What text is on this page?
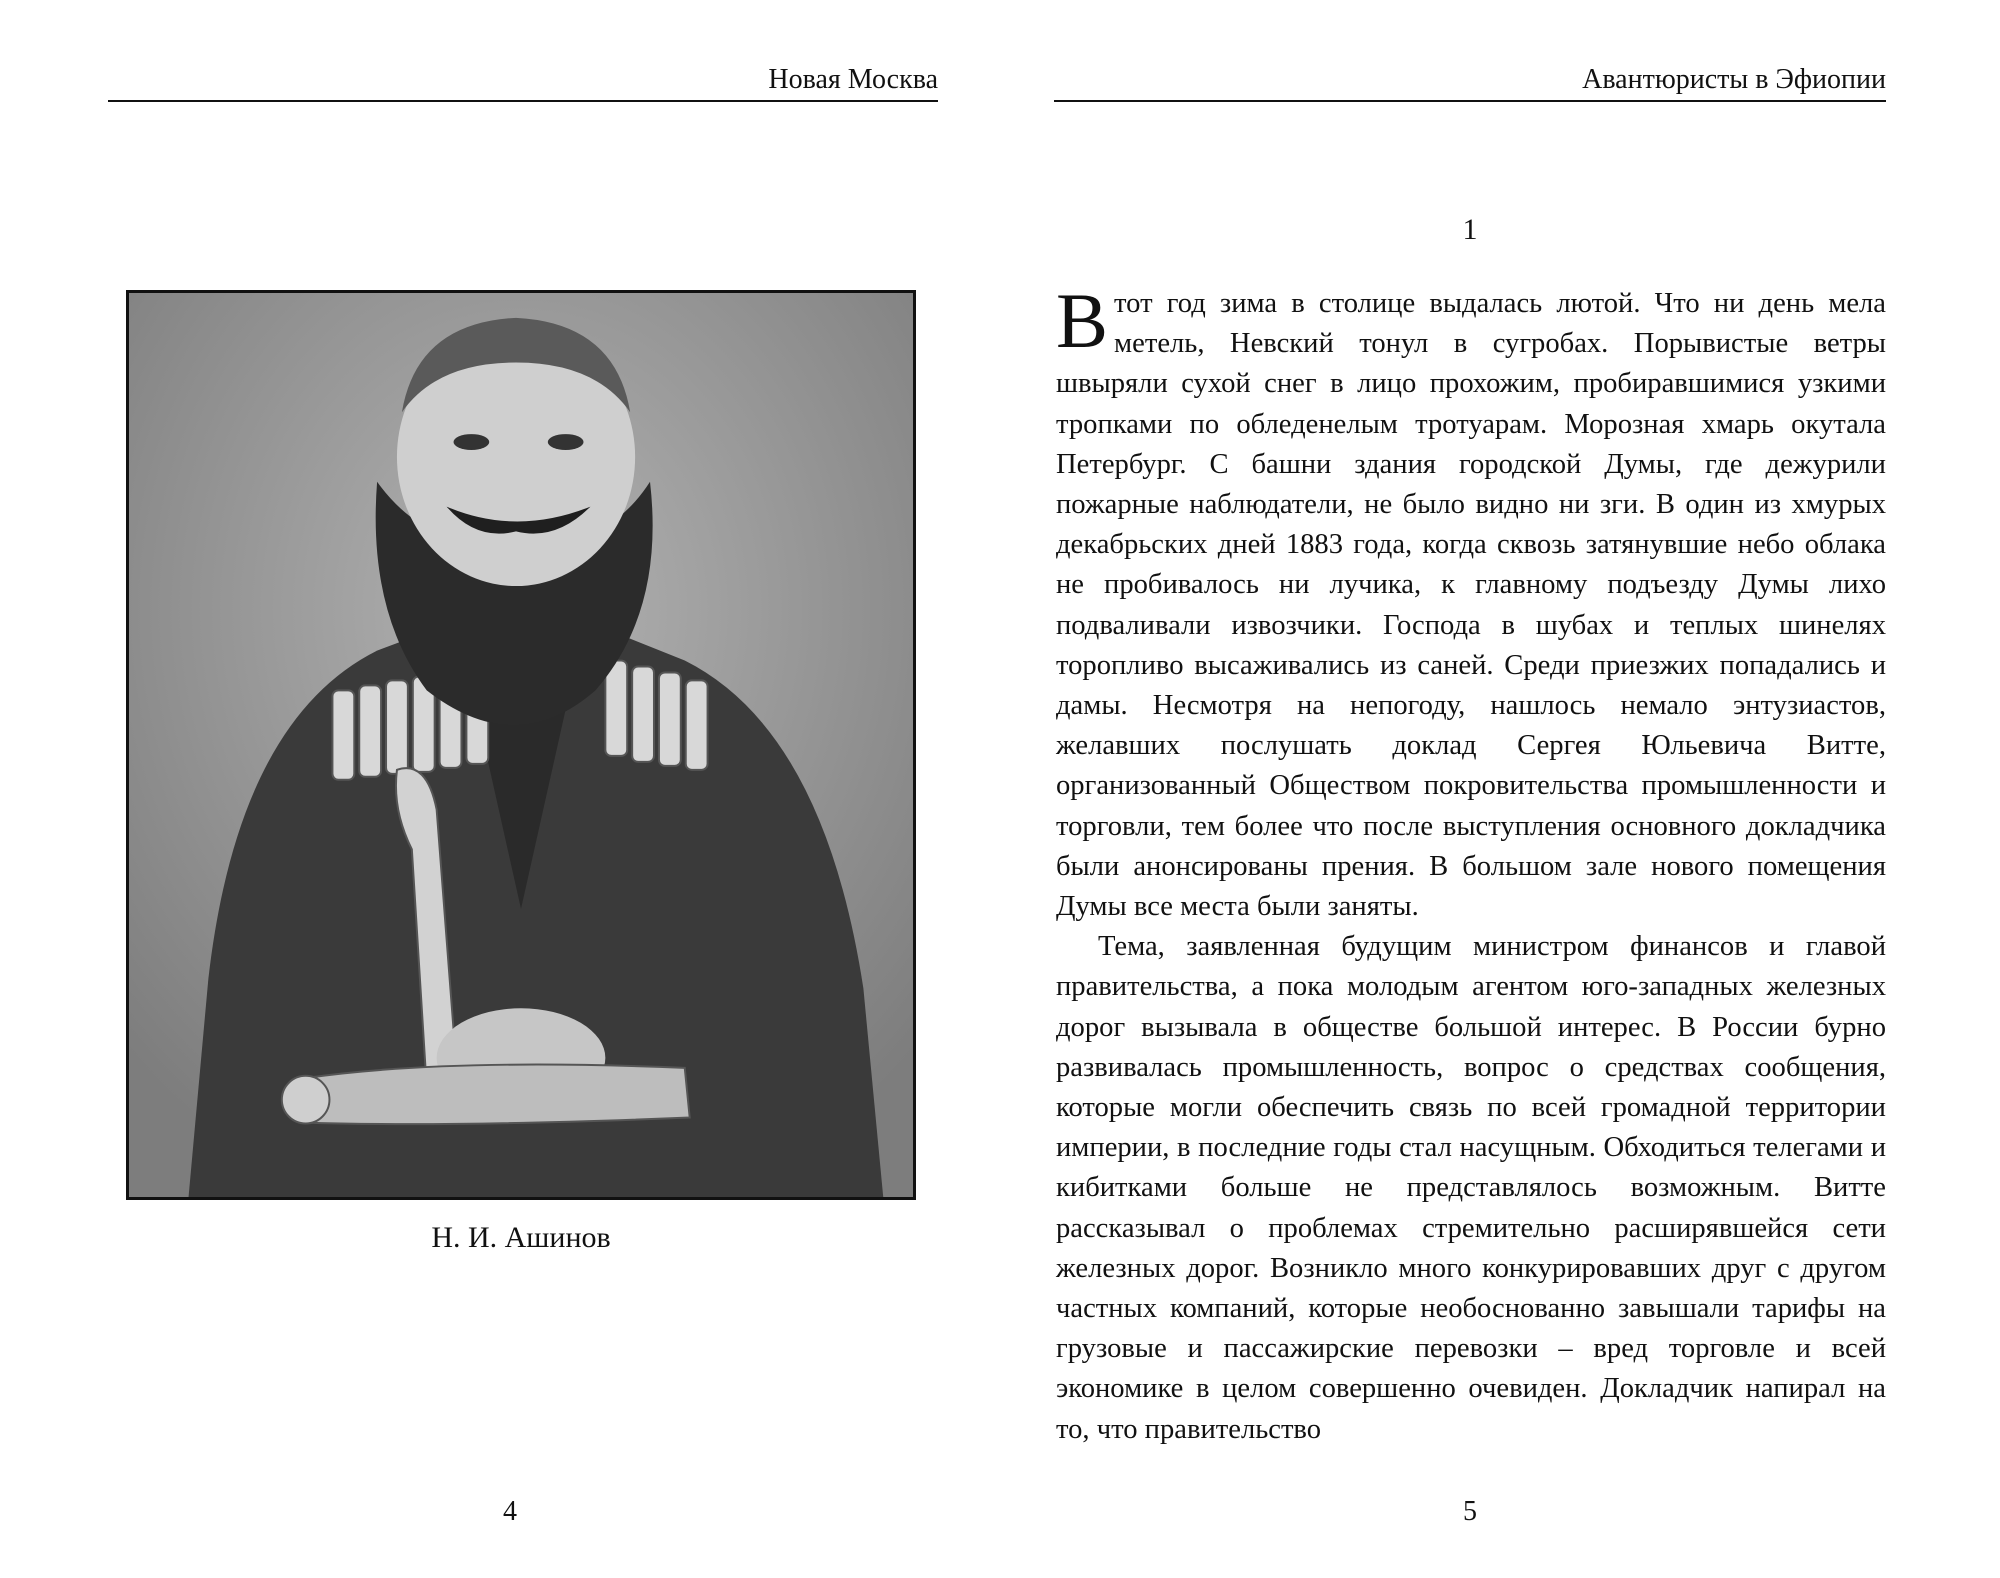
Новая Москва
Н. И. Ашинов
4
Авантюристы в Эфиопии
1

В тот год зима в столице выдалась лютой. Что ни день мела метель, Невский тонул в сугробах. Порывистые ветры швыряли сухой снег в лицо прохожим, пробиравшимися узкими тропками по обледенелым тротуарам. Морозная хмарь окутала Петербург. С башни здания городской Думы, где дежурили пожарные наблюдатели, не было видно ни зги. В один из хмурых декабрьских дней 1883 года, когда сквозь затянувшие небо облака не пробивалось ни лучика, к главному подъезду Думы лихо подваливали извозчики. Господа в шубах и теплых шинелях торопливо высаживались из саней. Среди приезжих попадались и дамы. Несмотря на непогоду, нашлось немало энтузиастов, желавших послушать доклад Сергея Юльевича Витте, организованный Обществом покровительства промышленности и торговли, тем более что после выступления основного докладчика были анонсированы прения. В большом зале нового помещения Думы все места были заняты.

Тема, заявленная будущим министром финансов и главой правительства, а пока молодым агентом юго-западных железных дорог вызывала в обществе большой интерес. В России бурно развивалась промышленность, вопрос о средствах сообщения, которые могли обеспечить связь по всей громадной территории империи, в последние годы стал насущным. Обходиться телегами и кибитками больше не представлялось возможным. Витте рассказывал о проблемах стремительно расширявшейся сети железных дорог. Возникло много конкурировавших друг с другом частных компаний, которые необоснованно завышали тарифы на грузовые и пассажирские перевозки – вред торговле и всей экономике в целом совершенно очевиден. Докладчик напирал на то, что правительство

5
